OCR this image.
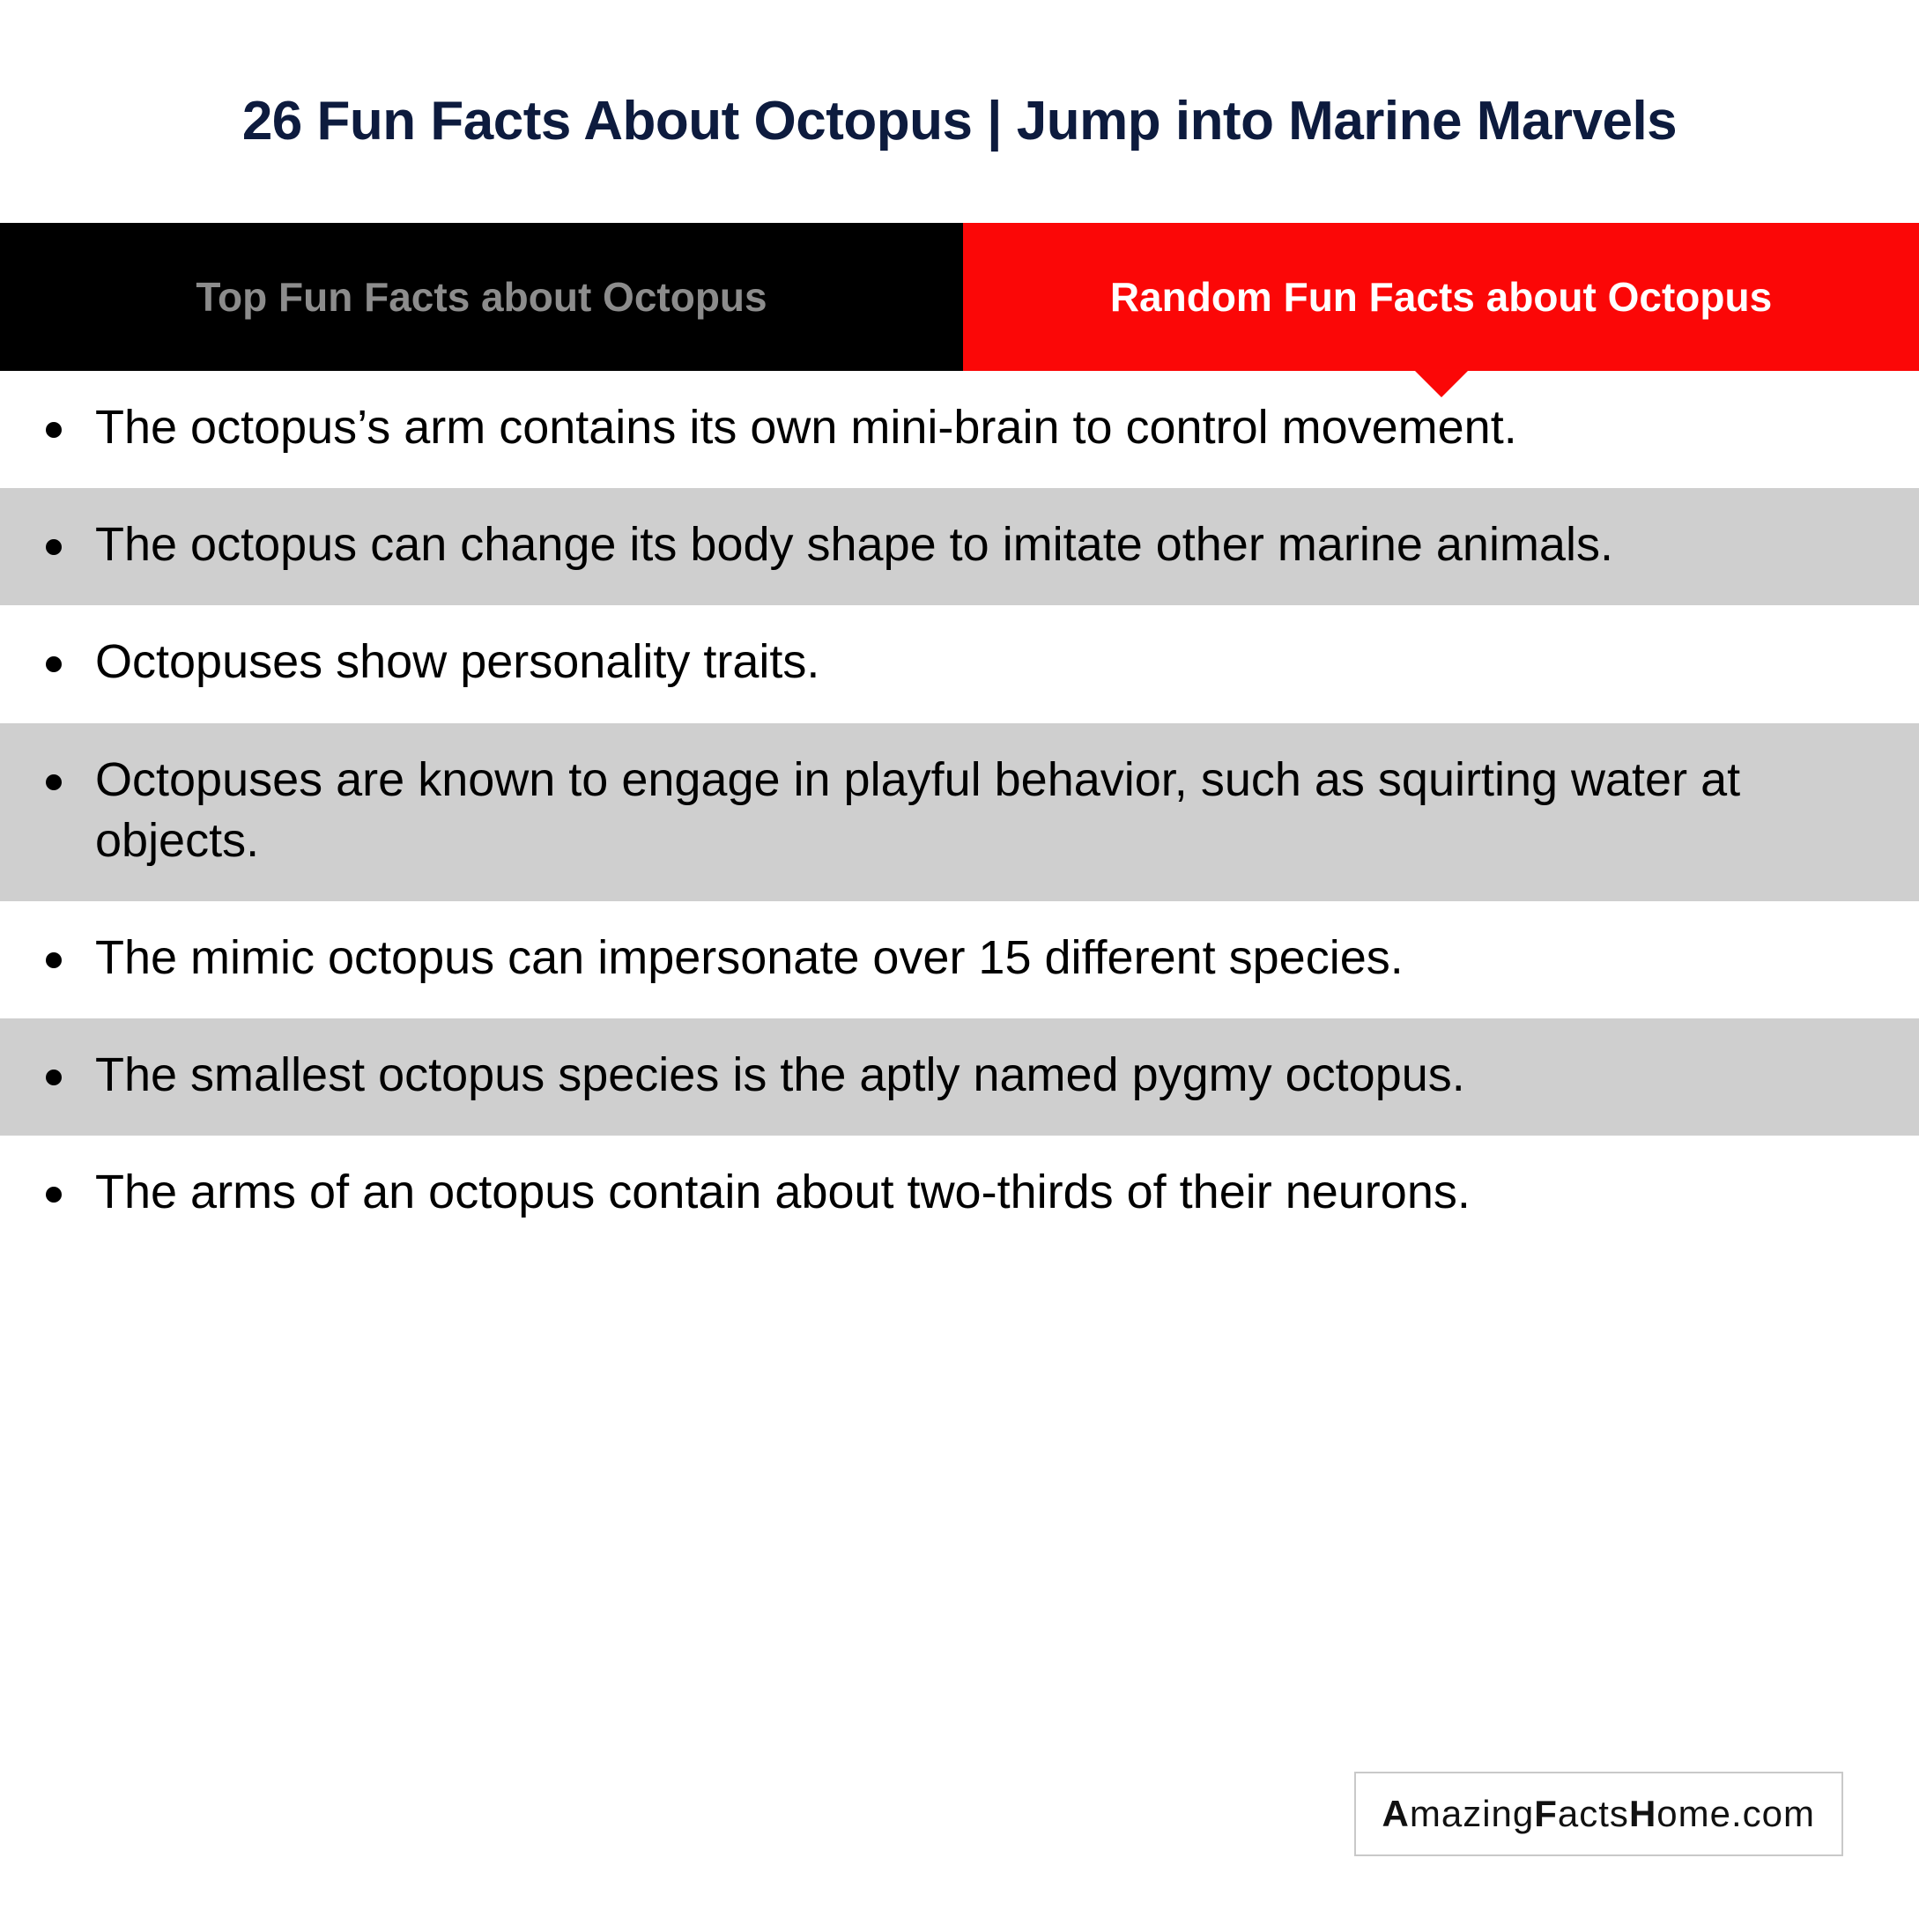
26 Fun Facts About Octopus | Jump into Marine Marvels
Top Fun Facts about Octopus	Random Fun Facts about Octopus
The octopus’s arm contains its own mini-brain to control movement.
The octopus can change its body shape to imitate other marine animals.
Octopuses show personality traits.
Octopuses are known to engage in playful behavior, such as squirting water at objects.
The mimic octopus can impersonate over 15 different species.
The smallest octopus species is the aptly named pygmy octopus.
The arms of an octopus contain about two-thirds of their neurons.
AmazingFactsHome.com
